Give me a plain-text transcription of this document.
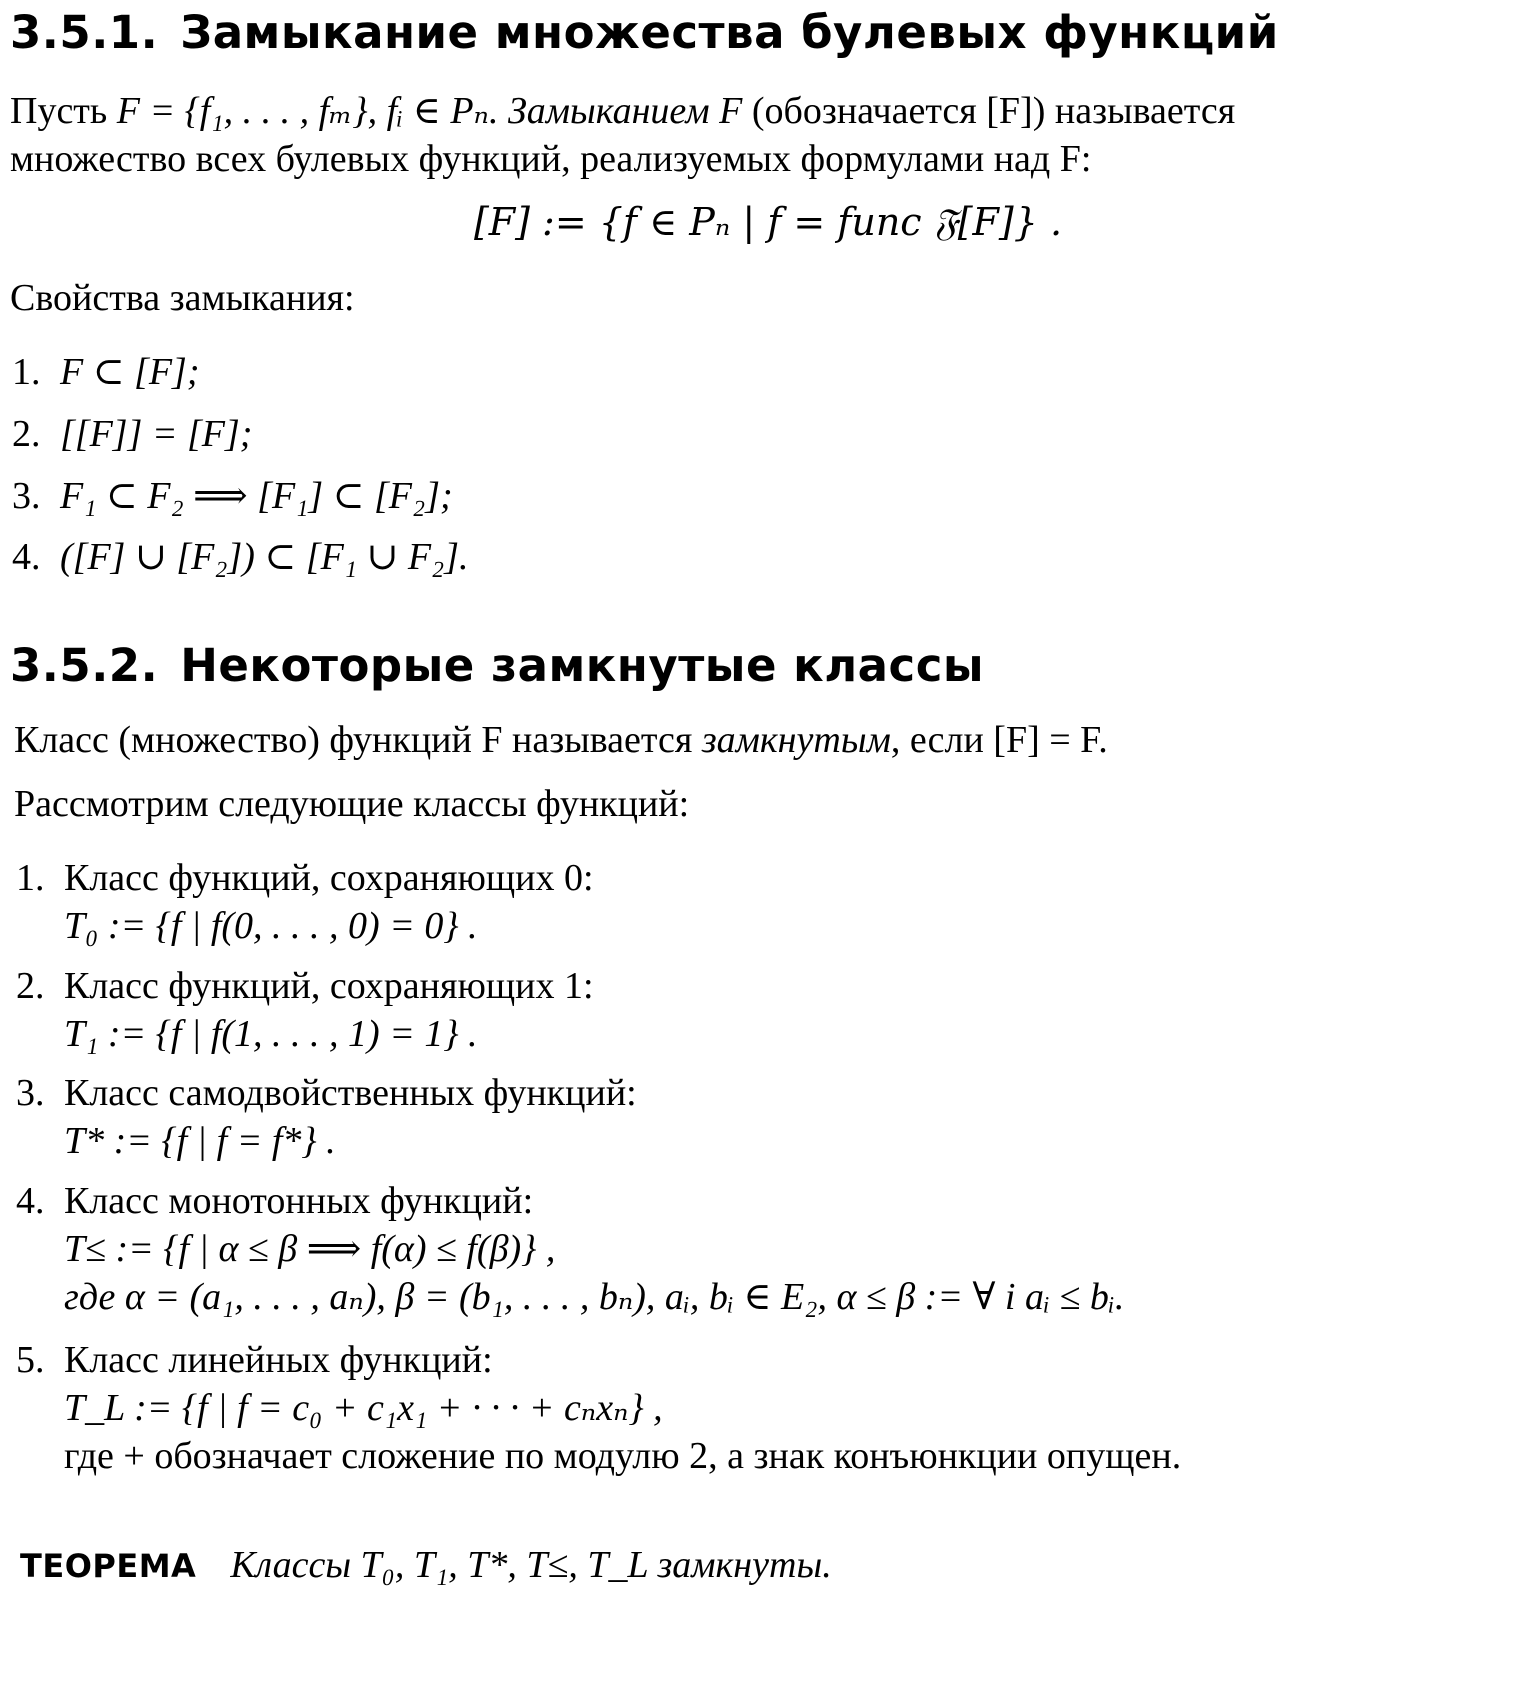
3.5.1. Замыкание множества булевых функций
Пусть F = {f₁, . . . , fₘ}, fᵢ ∈ Pₙ. Замыканием F (обозначается [F]) называется
множество всех булевых функций, реализуемых формулами над F:
[F] := {f ∈ Pₙ | f = func 𝔉[F]} .
Свойства замыкания:
1. F ⊂ [F];
2. [[F]] = [F];
3. F₁ ⊂ F₂ ⟹ [F₁] ⊂ [F₂];
4. ([F] ∪ [F₂]) ⊂ [F₁ ∪ F₂].
3.5.2. Некоторые замкнутые классы
Класс (множество) функций F называется замкнутым, если [F] = F.
Рассмотрим следующие классы функций:
1. Класс функций, сохраняющих 0:
T₀ := {f | f(0, . . . , 0) = 0} .
2. Класс функций, сохраняющих 1:
T₁ := {f | f(1, . . . , 1) = 1} .
3. Класс самодвойственных функций:
T* := {f | f = f*} .
4. Класс монотонных функций:
T≤ := {f | α ≤ β ⟹ f(α) ≤ f(β)} ,
где α = (a₁, . . . , aₙ), β = (b₁, . . . , bₙ), aᵢ, bᵢ ∈ E₂, α ≤ β := ∀ i aᵢ ≤ bᵢ.
5. Класс линейных функций:
T_L := {f | f = c₀ + c₁x₁ + · · · + cₙxₙ} ,
где + обозначает сложение по модулю 2, а знак конъюнкции опущен.
ТЕОРЕМА Классы T₀, T₁, T*, T≤, T_L замкнуты.
